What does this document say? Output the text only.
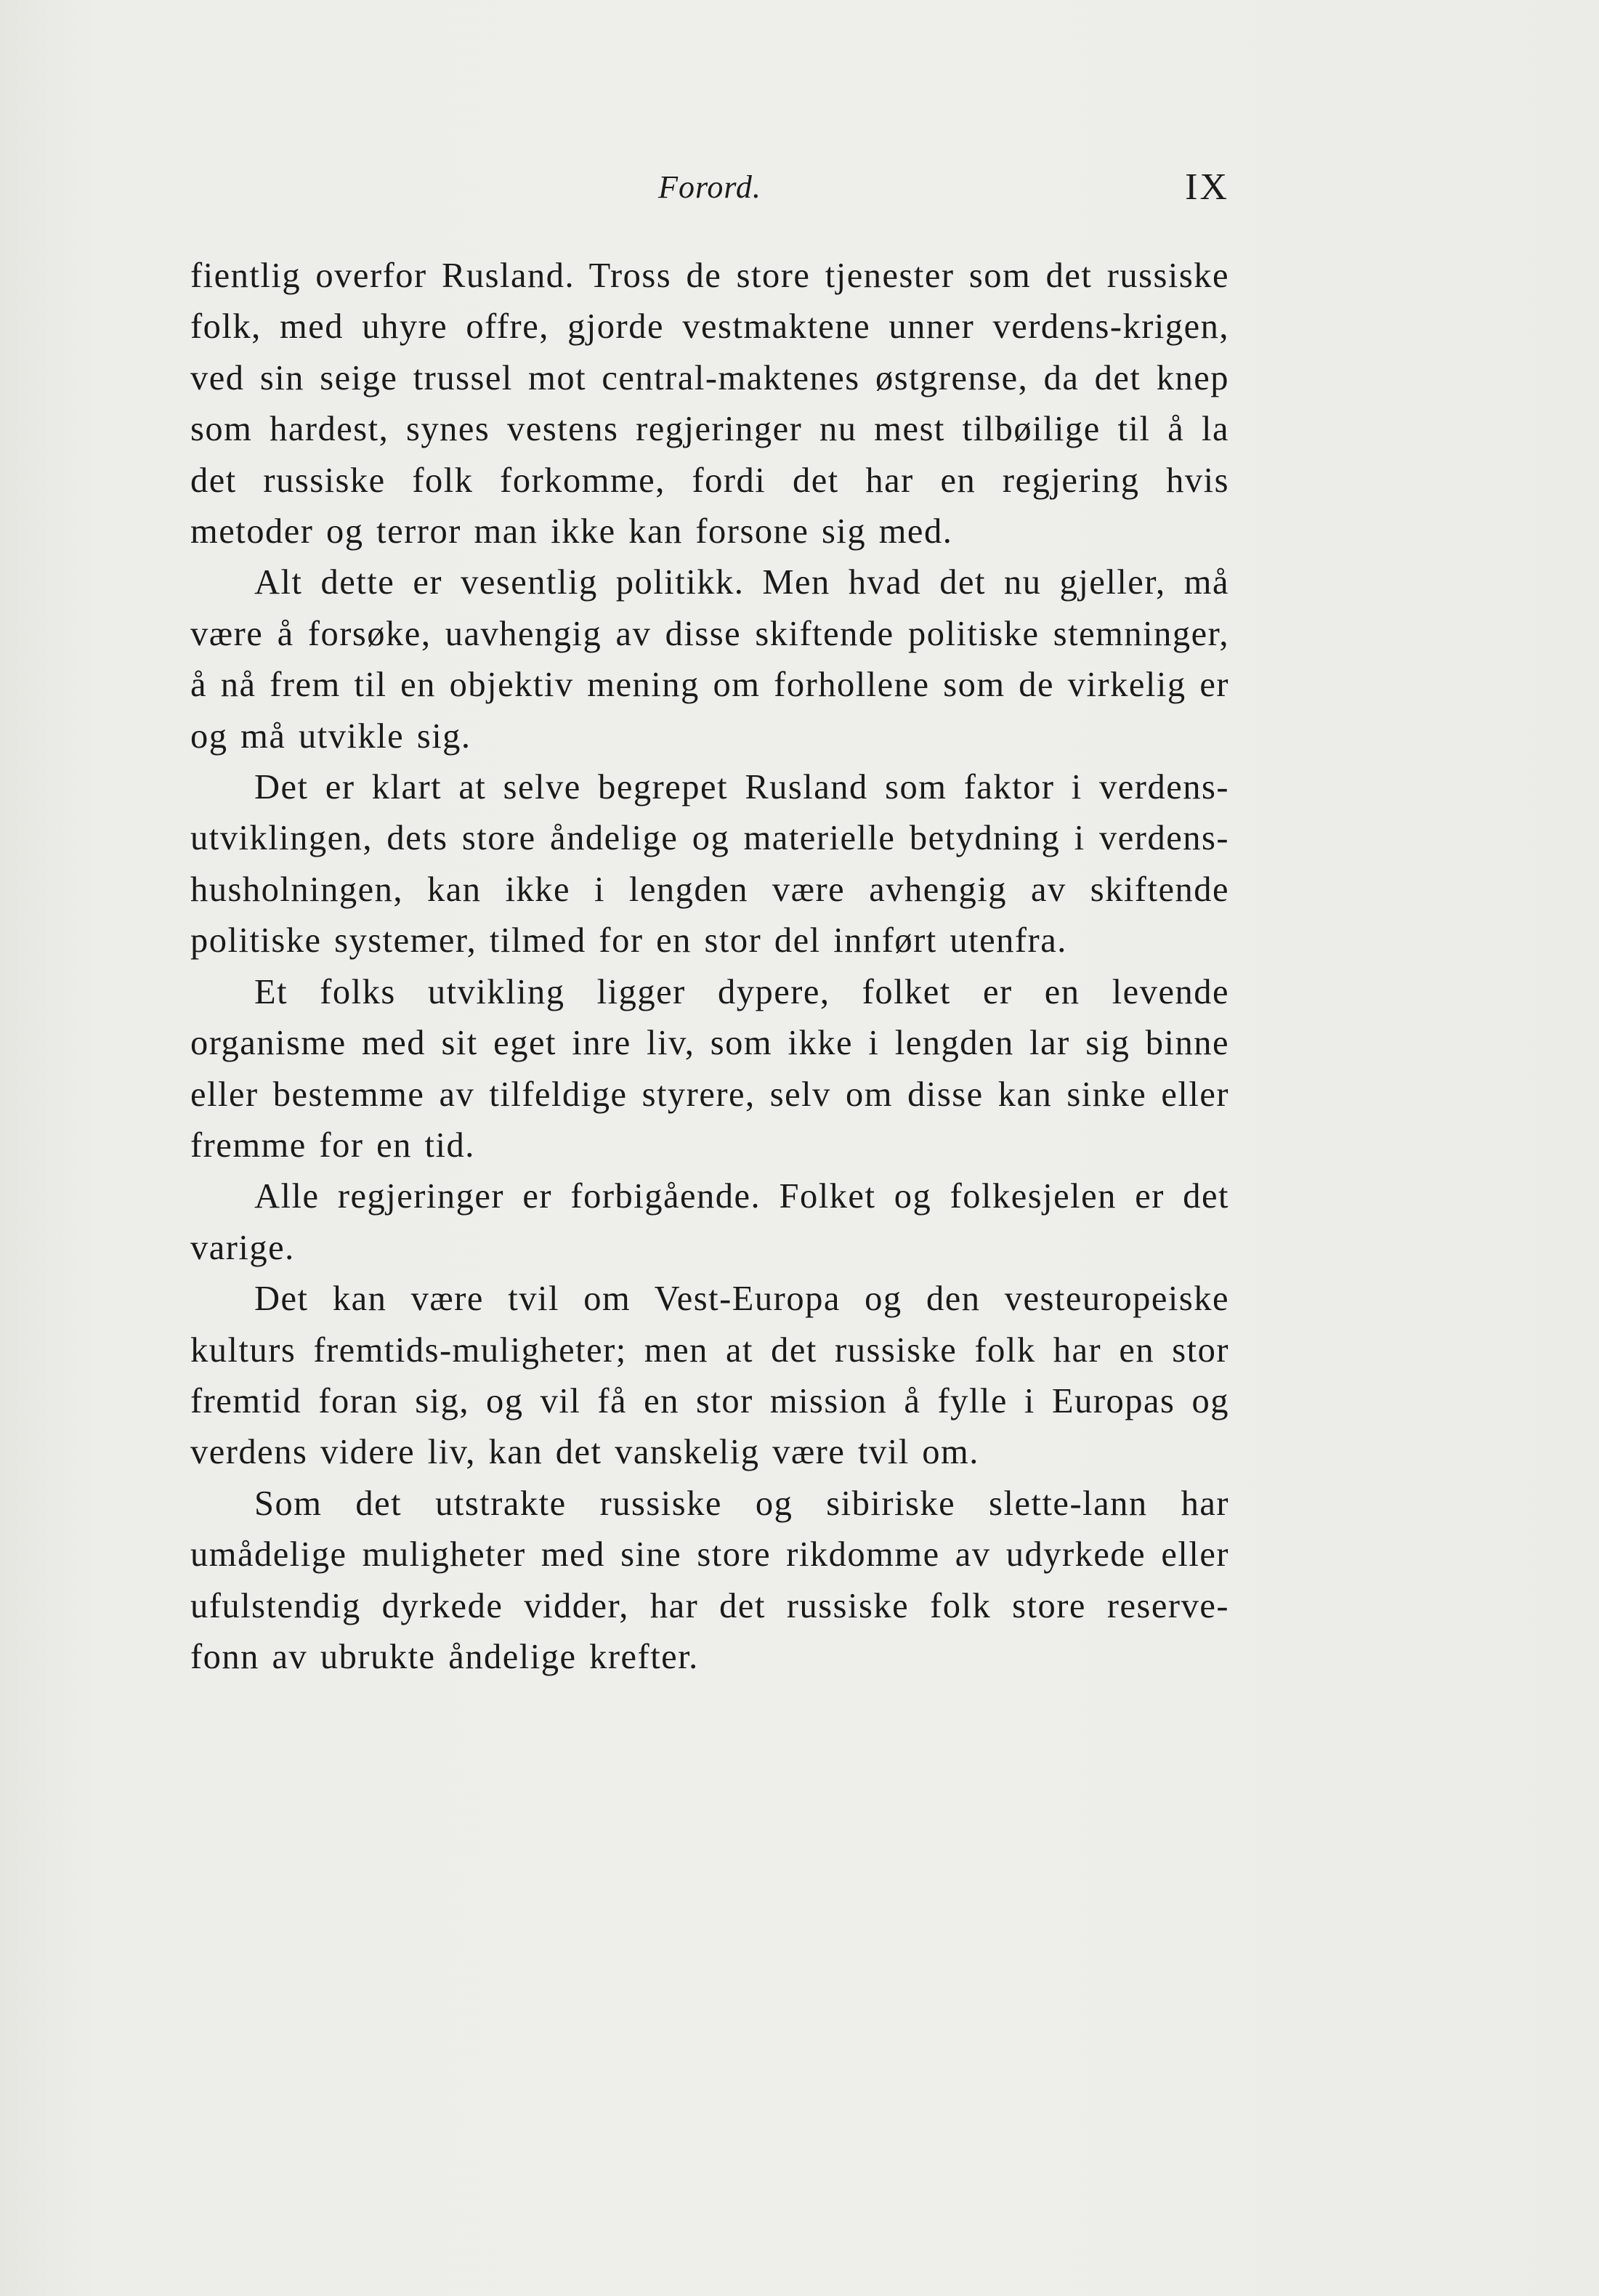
Forord.	IX

fientlig overfor Rusland. Tross de store tjenester som det russiske folk, med uhyre offre, gjorde vestmaktene unner verdens-krigen, ved sin seige trussel mot central-maktenes østgrense, da det knep som hardest, synes vestens regjeringer nu mest tilbøilige til å la det russiske folk forkomme, fordi det har en regjering hvis metoder og terror man ikke kan forsone sig med.

Alt dette er vesentlig politikk. Men hvad det nu gjeller, må være å forsøke, uavhengig av disse skiftende politiske stemninger, å nå frem til en objektiv mening om forhollene som de virkelig er og må utvikle sig.

Det er klart at selve begrepet Rusland som faktor i verdens-utviklingen, dets store åndelige og materielle betydning i verdens-husholningen, kan ikke i lengden være avhengig av skiftende politiske systemer, tilmed for en stor del innført utenfra.

Et folks utvikling ligger dypere, folket er en levende organisme med sit eget inre liv, som ikke i lengden lar sig binne eller bestemme av tilfeldige styrere, selv om disse kan sinke eller fremme for en tid.

Alle regjeringer er forbigående. Folket og folkesjelen er det varige.

Det kan være tvil om Vest-Europa og den vesteuropeiske kulturs fremtids-muligheter; men at det russiske folk har en stor fremtid foran sig, og vil få en stor mission å fylle i Europas og verdens videre liv, kan det vanskelig være tvil om.

Som det utstrakte russiske og sibiriske slette-lann har umådelige muligheter med sine store rikdomme av udyrkede eller ufulstendig dyrkede vidder, har det russiske folk store reserve-fonn av ubrukte åndelige krefter.
